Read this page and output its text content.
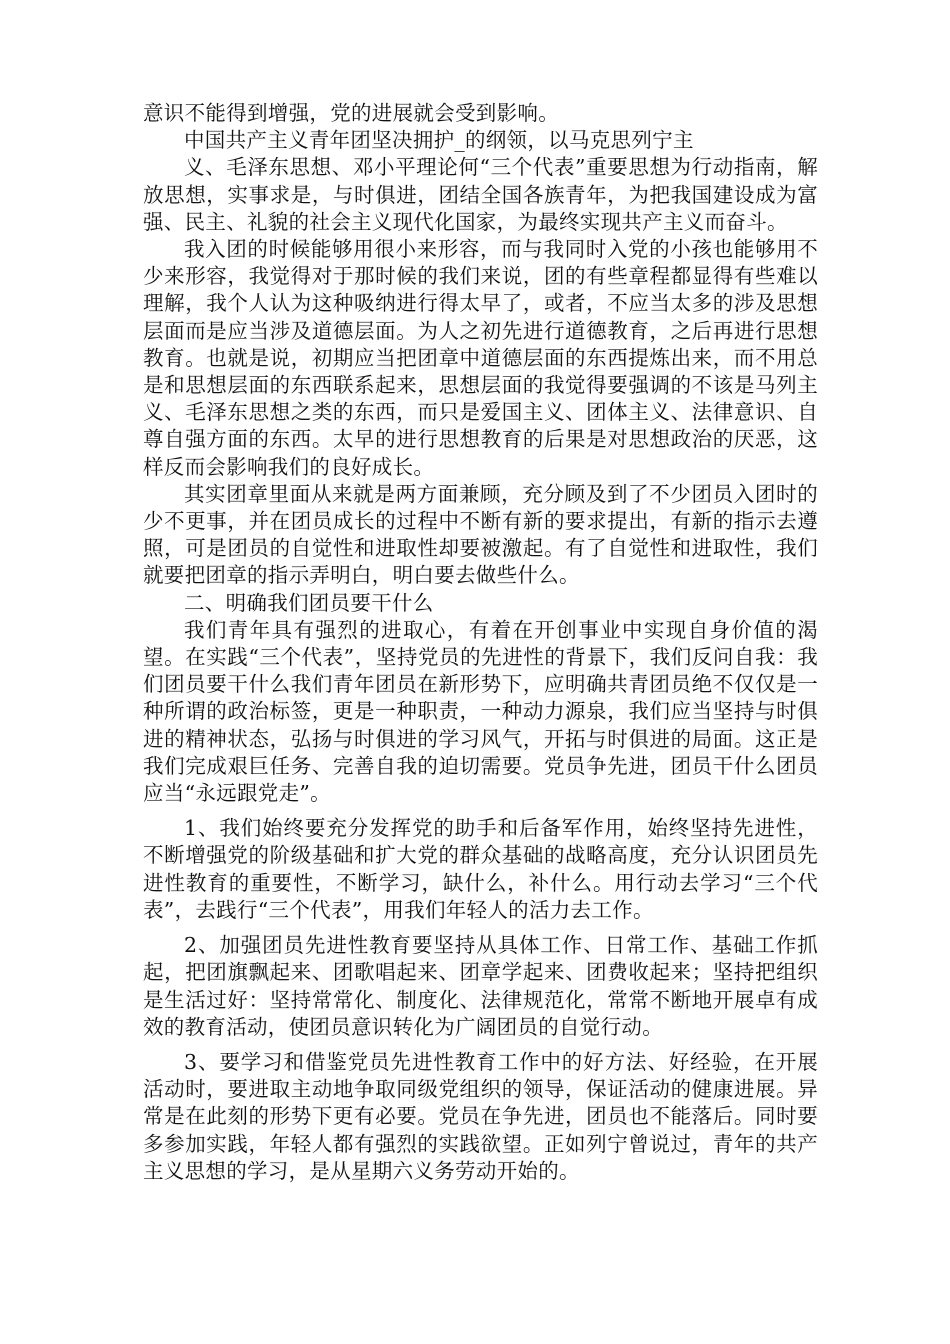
意识不能得到增强，党的进展就会受到影响。

中国共产主义青年团坚决拥护_的纲领，以马克思列宁主

义、毛泽东思想、邓小平理论何“三个代表”重要思想为行动指南，解放思想，实事求是，与时俱进，团结全国各族青年，为把我国建设成为富强、民主、礼貌的社会主义现代化国家，为最终实现共产主义而奋斗。

我入团的时候能够用很小来形容，而与我同时入党的小孩也能够用不少来形容，我觉得对于那时候的我们来说，团的有些章程都显得有些难以理解，我个人认为这种吸纳进行得太早了，或者，不应当太多的涉及思想层面而是应当涉及道德层面。为人之初先进行道德教育，之后再进行思想教育。也就是说，初期应当把团章中道德层面的东西提炼出来，而不用总是和思想层面的东西联系起来，思想层面的我觉得要强调的不该是马列主义、毛泽东思想之类的东西，而只是爱国主义、团体主义、法律意识、自尊自强方面的东西。太早的进行思想教育的后果是对思想政治的厌恶，这样反而会影响我们的良好成长。

其实团章里面从来就是两方面兼顾，充分顾及到了不少团员入团时的少不更事，并在团员成长的过程中不断有新的要求提出，有新的指示去遵照，可是团员的自觉性和进取性却要被激起。有了自觉性和进取性，我们就要把团章的指示弄明白，明白要去做些什么。

二、明确我们团员要干什么

我们青年具有强烈的进取心，有着在开创事业中实现自身价值的渴望。在实践“三个代表”，坚持党员的先进性的背景下，我们反问自我：我们团员要干什么我们青年团员在新形势下，应明确共青团员绝不仅仅是一种所谓的政治标签，更是一种职责，一种动力源泉，我们应当坚持与时俱进的精神状态，弘扬与时俱进的学习风气，开拓与时俱进的局面。这正是我们完成艰巨任务、完善自我的迫切需要。党员争先进，团员干什么团员应当“永远跟党走”。

1、我们始终要充分发挥党的助手和后备军作用，始终坚持先进性，不断增强党的阶级基础和扩大党的群众基础的战略高度，充分认识团员先进性教育的重要性，不断学习，缺什么，补什么。用行动去学习“三个代表”，去践行“三个代表”，用我们年轻人的活力去工作。

2、加强团员先进性教育要坚持从具体工作、日常工作、基础工作抓起，把团旗飘起来、团歌唱起来、团章学起来、团费收起来；坚持把组织是生活过好：坚持常常化、制度化、法律规范化，常常不断地开展卓有成效的教育活动，使团员意识转化为广阔团员的自觉行动。

3、要学习和借鉴党员先进性教育工作中的好方法、好经验，在开展活动时，要进取主动地争取同级党组织的领导，保证活动的健康进展。异常是在此刻的形势下更有必要。党员在争先进，团员也不能落后。同时要多参加实践，年轻人都有强烈的实践欲望。正如列宁曾说过，青年的共产主义思想的学习，是从星期六义务劳动开始的。
